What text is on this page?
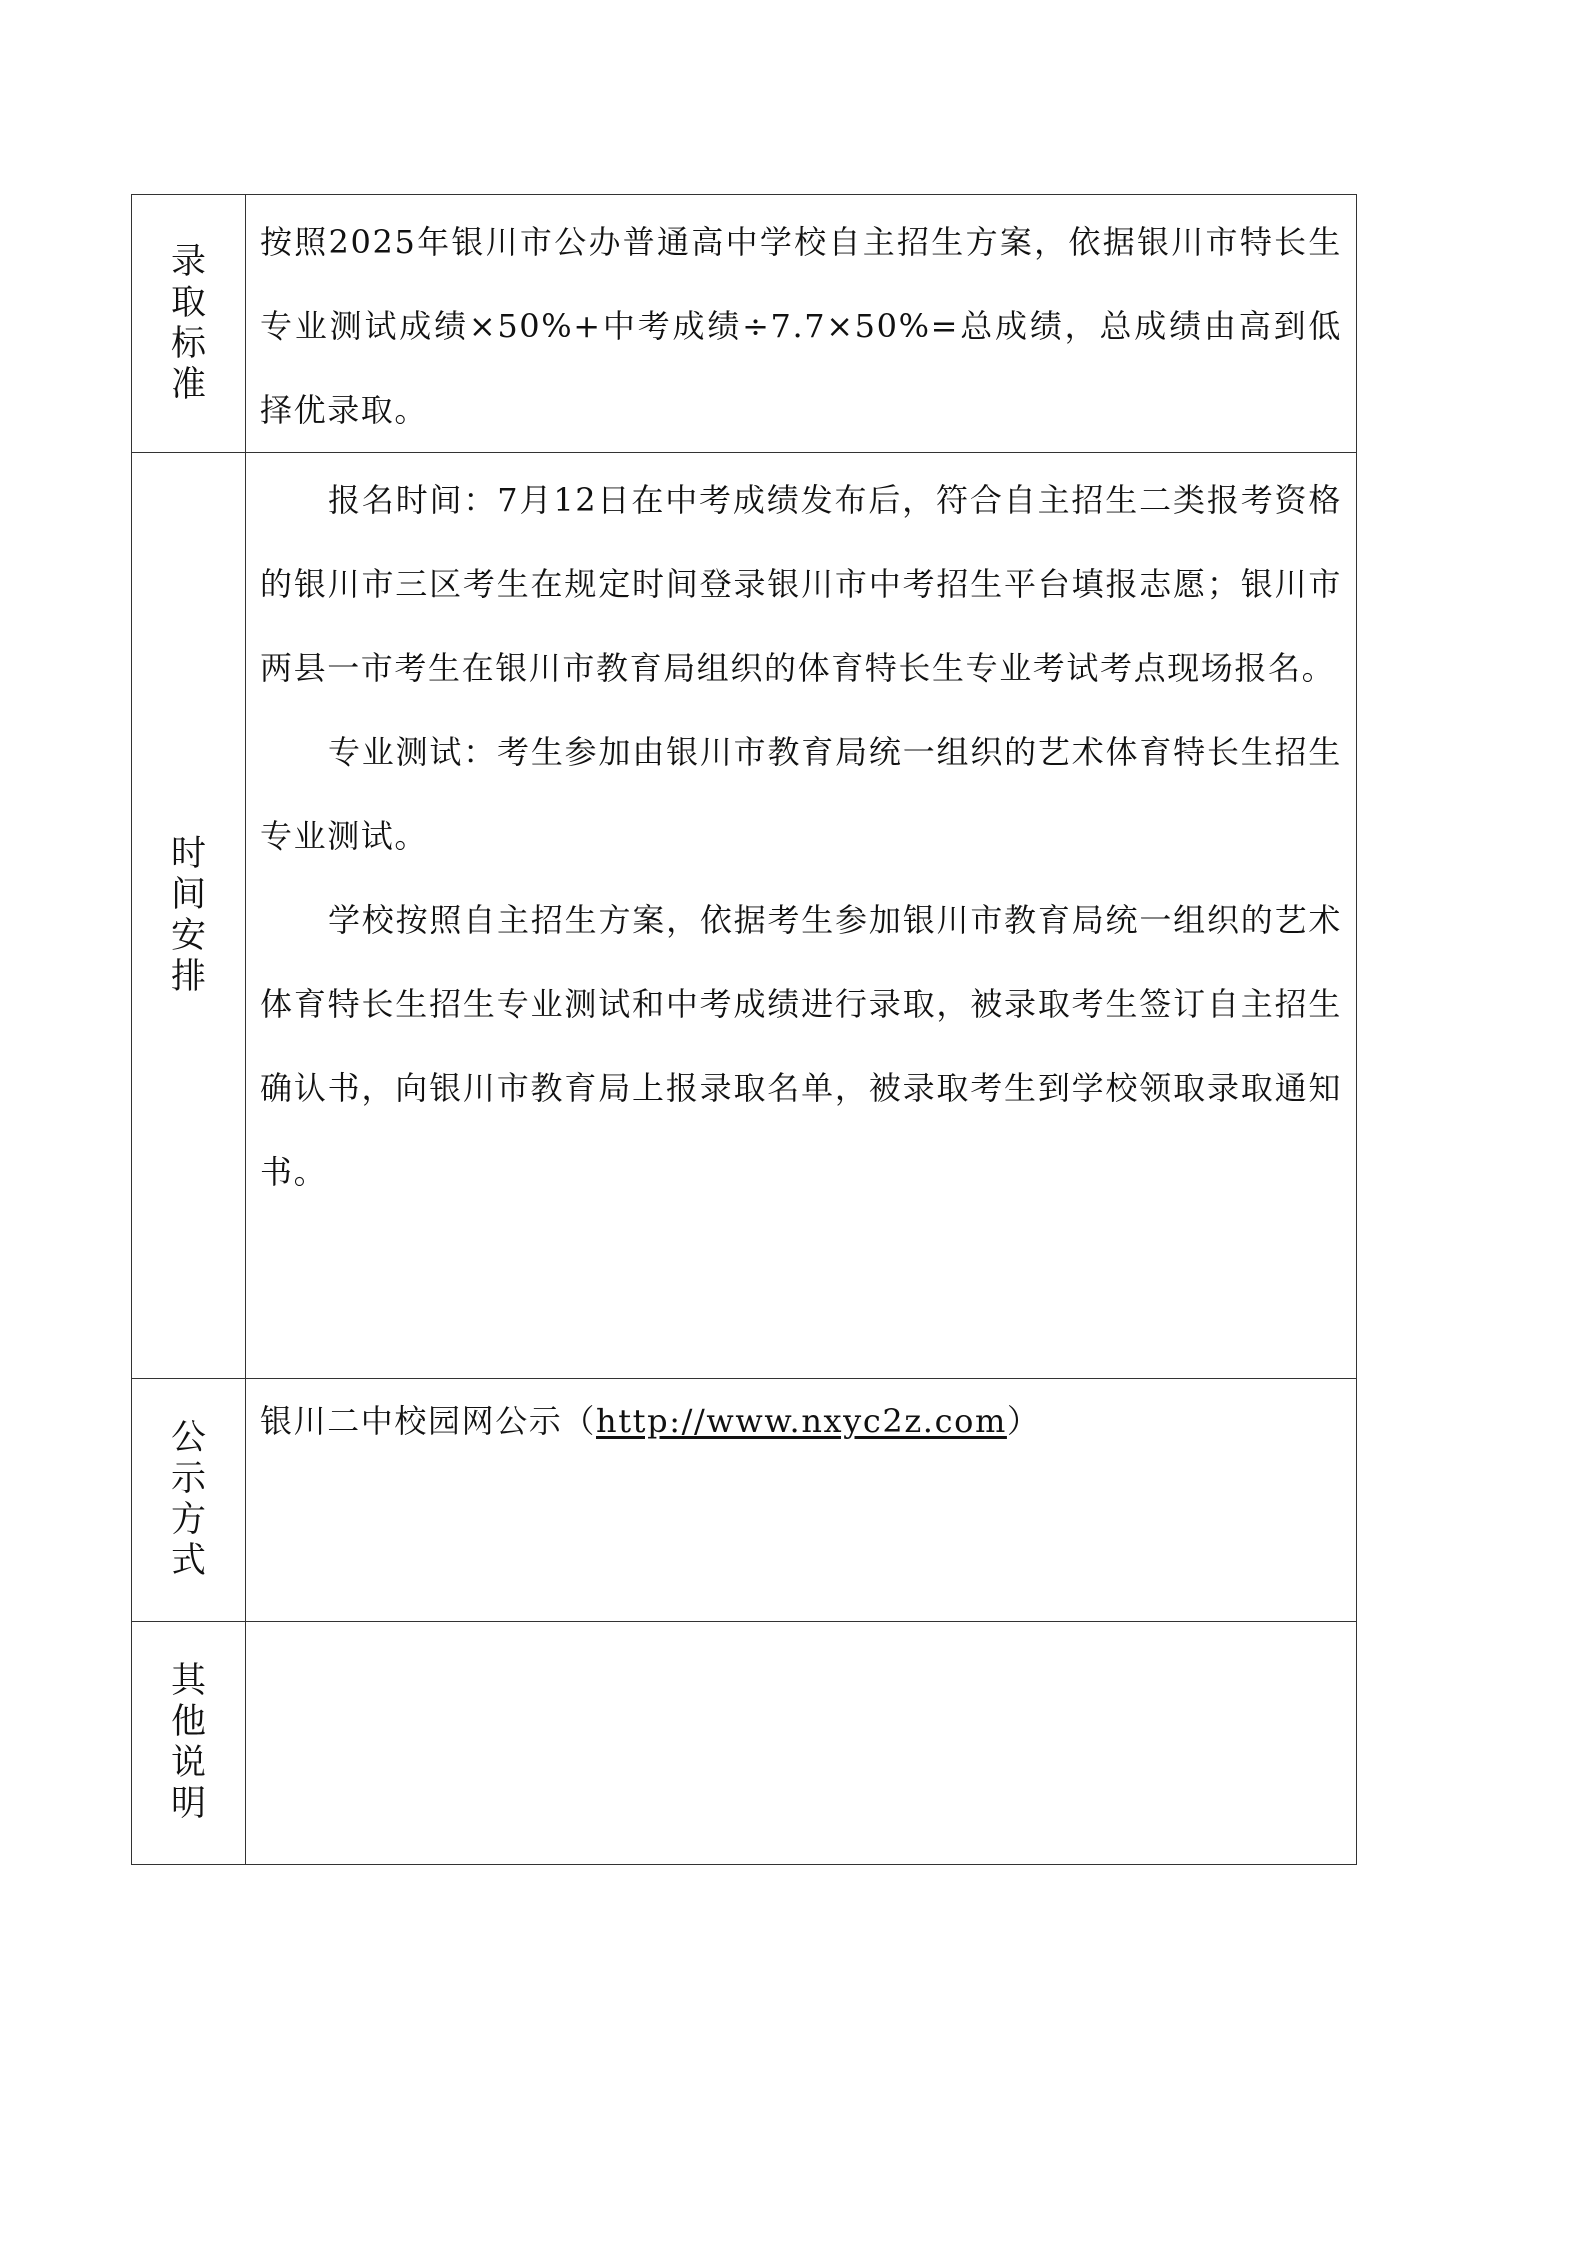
录取标准	按照2025年银川市公办普通高中学校自主招生方案，依据银川市特长生专业测试成绩×50%+中考成绩÷7.7×50%=总成绩，总成绩由高到低择优录取。

时间安排	报名时间：7月12日在中考成绩发布后，符合自主招生二类报考资格的银川市三区考生在规定时间登录银川市中考招生平台填报志愿；银川市两县一市考生在银川市教育局组织的体育特长生专业考试考点现场报名。

专业测试：考生参加由银川市教育局统一组织的艺术体育特长生招生专业测试。

学校按照自主招生方案，依据考生参加银川市教育局统一组织的艺术体育特长生招生专业测试和中考成绩进行录取，被录取考生签订自主招生确认书，向银川市教育局上报录取名单，被录取考生到学校领取录取通知书。

公示方式	银川二中校园网公示（http://www.nxyc2z.com）

其他说明	
